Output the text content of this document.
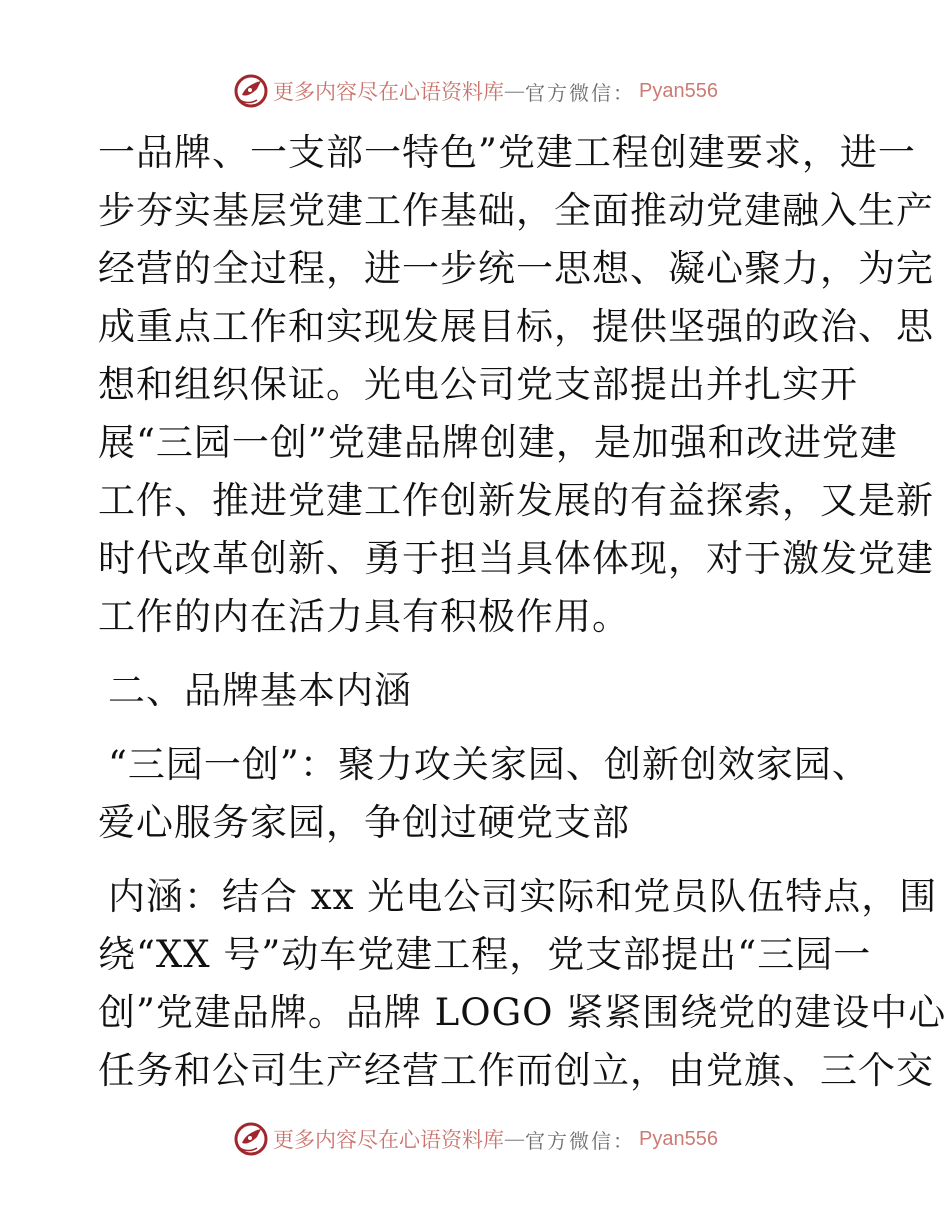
更多内容尽在心语资料库 — 官方微信： Pyan556
一品牌、一支部一特色”党建工程创建要求，进一
步夯实基层党建工作基础，全面推动党建融入生产
经营的全过程，进一步统一思想、凝心聚力，为完
成重点工作和实现发展目标，提供坚强的政治、思
想和组织保证。光电公司党支部提出并扎实开
展“三园一创”党建品牌创建，是加强和改进党建
工作、推进党建工作创新发展的有益探索，又是新
时代改革创新、勇于担当具体体现，对于激发党建
工作的内在活力具有积极作用。
二、品牌基本内涵
“三园一创”：聚力攻关家园、创新创效家园、
爱心服务家园，争创过硬党支部
内涵：结合 xx 光电公司实际和党员队伍特点，围
绕“XX 号”动车党建工程，党支部提出“三园一
创”党建品牌。品牌 LOGO 紧紧围绕党的建设中心
任务和公司生产经营工作而创立，由党旗、三个交
更多内容尽在心语资料库 — 官方微信： Pyan556
